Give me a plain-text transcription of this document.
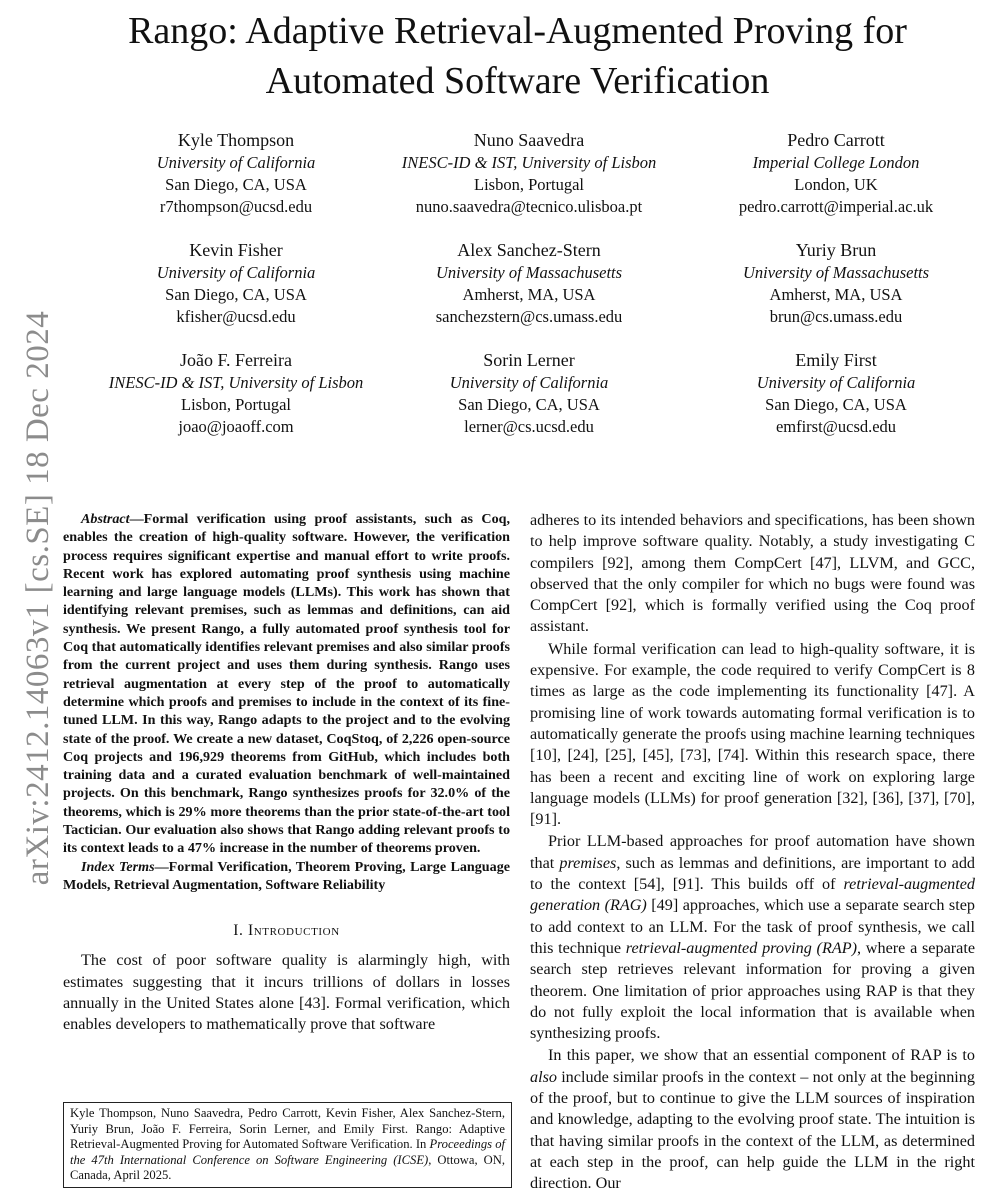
arXiv:2412.14063v1 [cs.SE] 18 Dec 2024
Rango: Adaptive Retrieval-Augmented Proving for
Automated Software Verification
Kyle Thompson
University of California
San Diego, CA, USA
r7thompson@ucsd.edu
Nuno Saavedra
INESC-ID & IST, University of Lisbon
Lisbon, Portugal
nuno.saavedra@tecnico.ulisboa.pt
Pedro Carrott
Imperial College London
London, UK
pedro.carrott@imperial.ac.uk
Kevin Fisher
University of California
San Diego, CA, USA
kfisher@ucsd.edu
Alex Sanchez-Stern
University of Massachusetts
Amherst, MA, USA
sanchezstern@cs.umass.edu
Yuriy Brun
University of Massachusetts
Amherst, MA, USA
brun@cs.umass.edu
João F. Ferreira
INESC-ID & IST, University of Lisbon
Lisbon, Portugal
joao@joaoff.com
Sorin Lerner
University of California
San Diego, CA, USA
lerner@cs.ucsd.edu
Emily First
University of California
San Diego, CA, USA
emfirst@ucsd.edu

Abstract—Formal verification using proof assistants, such as Coq, enables the creation of high-quality software. However, the verification process requires significant expertise and manual effort to write proofs. Recent work has explored automating proof synthesis using machine learning and large language models (LLMs). This work has shown that identifying relevant premises, such as lemmas and definitions, can aid synthesis. We present Rango, a fully automated proof synthesis tool for Coq that automatically identifies relevant premises and also similar proofs from the current project and uses them during synthesis. Rango uses retrieval augmentation at every step of the proof to automatically determine which proofs and premises to include in the context of its fine-tuned LLM. In this way, Rango adapts to the project and to the evolving state of the proof. We create a new dataset, CoqStoq, of 2,226 open-source Coq projects and 196,929 theorems from GitHub, which includes both training data and a curated evaluation benchmark of well-maintained projects. On this benchmark, Rango synthesizes proofs for 32.0% of the theorems, which is 29% more theorems than the prior state-of-the-art tool Tactician. Our evaluation also shows that Rango adding relevant proofs to its context leads to a 47% increase in the number of theorems proven.

Index Terms—Formal Verification, Theorem Proving, Large Language Models, Retrieval Augmentation, Software Reliability

I. Introduction

The cost of poor software quality is alarmingly high, with estimates suggesting that it incurs trillions of dollars in losses annually in the United States alone [43]. Formal verification, which enables developers to mathematically prove that software

adheres to its intended behaviors and specifications, has been shown to help improve software quality. Notably, a study investigating C compilers [92], among them CompCert [47], LLVM, and GCC, observed that the only compiler for which no bugs were found was CompCert [92], which is formally verified using the Coq proof assistant.

While formal verification can lead to high-quality software, it is expensive. For example, the code required to verify CompCert is 8 times as large as the code implementing its functionality [47]. A promising line of work towards automating formal verification is to automatically generate the proofs using machine learning techniques [10], [24], [25], [45], [73], [74]. Within this research space, there has been a recent and exciting line of work on exploring large language models (LLMs) for proof generation [32], [36], [37], [70], [91].

Prior LLM-based approaches for proof automation have shown that premises, such as lemmas and definitions, are important to add to the context [54], [91]. This builds off of retrieval-augmented generation (RAG) [49] approaches, which use a separate search step to add context to an LLM. For the task of proof synthesis, we call this technique retrieval-augmented proving (RAP), where a separate search step retrieves relevant information for proving a given theorem. One limitation of prior approaches using RAP is that they do not fully exploit the local information that is available when synthesizing proofs.

In this paper, we show that an essential component of RAP is to also include similar proofs in the context – not only at the beginning of the proof, but to continue to give the LLM sources of inspiration and knowledge, adapting to the evolving proof state. The intuition is that having similar proofs in the context of the LLM, as determined at each step in the proof, can help guide the LLM in the right direction. Our

Kyle Thompson, Nuno Saavedra, Pedro Carrott, Kevin Fisher, Alex Sanchez-Stern, Yuriy Brun, João F. Ferreira, Sorin Lerner, and Emily First. Rango: Adaptive Retrieval-Augmented Proving for Automated Software Verification. In Proceedings of the 47th International Conference on Software Engineering (ICSE), Ottowa, ON, Canada, April 2025.
